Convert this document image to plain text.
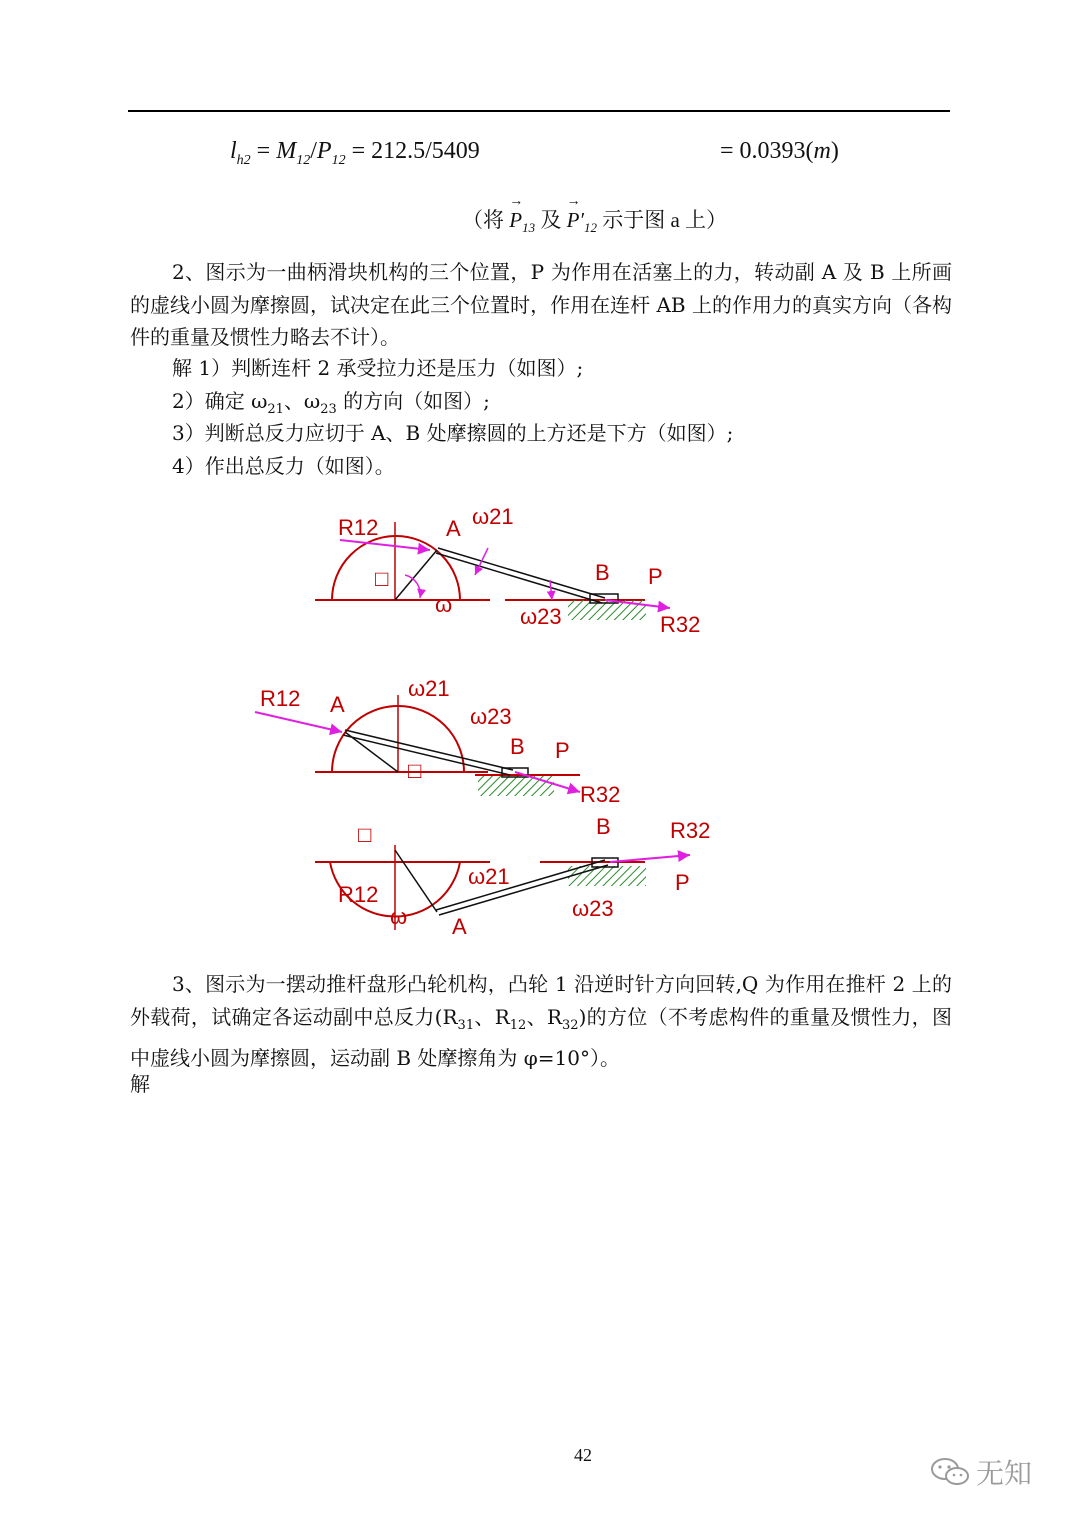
$l_{h2} = M_{12}/P_{12} = 212.5/5409$	= 0.0393(m)
（将 → $P_{13}$ 及 → $P'_{12}$ 示于图 a 上）
2、图示为一曲柄滑块机构的三个位置，P 为作用在活塞上的力，转动副 A 及 B 上所画的虚线小圆为摩擦圆，试决定在此三个位置时，作用在连杆 AB 上的作用力的真实方向（各构件的重量及惯性力略去不计）。
解 1）判断连杆 2 承受拉力还是压力（如图）;
2）确定 $\omega_{21}$、$\omega_{23}$ 的方向（如图）;
3）判断总反力应切于 A、B 处摩擦圆的上方还是下方（如图）;
4）作出总反力（如图）。
R12	A ω21
□
ω
B P
ω23	R32
R12 A
ω21
ω23
B P
□
R32
□	B	R32
R12
ω21	P
ω23
ω A
3、图示为一摆动推杆盘形凸轮机构，凸轮 1 沿逆时针方向回转,Q 为作用在推杆 2 上的外载荷，试确定各运动副中总反力($R_{31}$、$R_{12}$、$R_{32}$)的方位（不考虑构件的重量及惯性力，图中虚线小圆为摩擦圆，运动副 B 处摩擦角为 φ=10°）。
解
42
无知
